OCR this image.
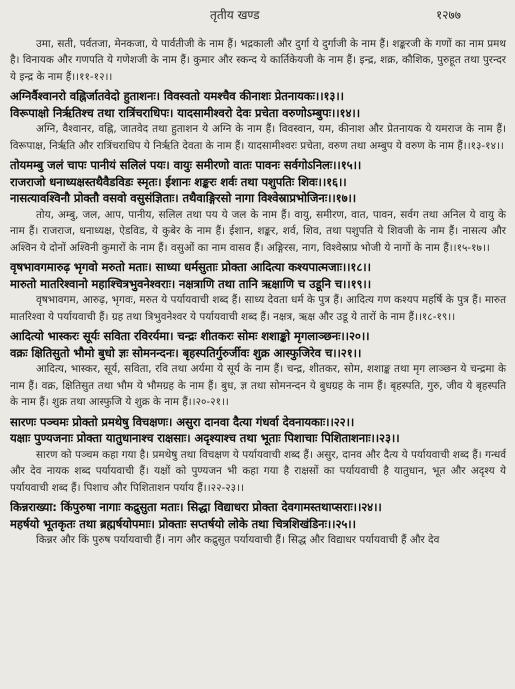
तृतीय खण्ड	१२७७

उमा, सती, पर्वतजा, मेनकजा, ये पार्वतीजी के नाम हैं। भद्रकाली और दुर्गा ये दुर्गाजी के नाम हैं। शङ्करजी के गणों का नाम प्रमथ है। विनायक और गणपति ये गणेशजी के नाम हैं। कुमार और स्कन्द ये कार्तिकेयजी के नाम हैं। इन्द्र, शक्र, कौशिक, पुरुहूत तथा पुरन्दर ये इन्द्र के नाम हैं।।११-१२।।

अग्निर्वैश्वानरो वह्निर्जातवेदो हुताशनः। विवस्वतो यमश्चैव कीनाशः प्रेतनायकः।।१३।।

विरूपाक्षो निर्ऋतिश्च तथा रात्रिंचराधिपः। यादसामीश्वरो देवः प्रचेता वरुणोऽम्बुपः।।१४।।

अग्नि, वैश्वानर, वह्नि, जातवेद तथा हुताशन ये अग्नि के नाम हैं। विवस्वान, यम, कीनाश और प्रेतनायक ये यमराज के नाम हैं। विरूपाक्ष, निर्ऋति और रात्रिंचराधिप ये निर्ऋति देवता के नाम हैं। यादसामीश्वरः प्रचेता, वरुण तथा अम्बुप ये वरुण के नाम हैं।।१३-१४।।

तोयमम्बु जलं चापः पानीयं सलिलं पयः। वायुः समीरणो वातः पावनः सर्वगोऽनिलः।।१५।।

राजराजो धनाध्यक्षस्तथैवैडविडः स्मृतः। ईशानः शङ्करः शर्वः तथा पशुपतिः शिवः।।१६।।

नासत्यावश्विनौ प्रोक्तौ वसवो वसुसंज्ञिताः। तथैवाङ्गिरसो नागा विश्वेस्राप्रभोजिनः।।१७।।

तोय, अम्बु, जल, आप, पानीय, सलिल तथा पय ये जल के नाम हैं। वायु, समीरण, वात, पावन, सर्वग तथा अनिल ये वायु के नाम हैं। राजराज, धनाध्यक्ष, ऐडविड, ये कुबेर के नाम हैं। ईशान, शङ्कर, शर्व, शिव, तथा पशुपति ये शिवजी के नाम हैं। नासत्य और अश्विन ये दोनों अश्विनी कुमारों के नाम हैं। वसुओं का नाम वासव हैं। अङ्गिरस, नाग, विश्वेस्राप्र भोजी ये नागों के नाम हैं।।१५-१७।।

वृषभावगमारुढ़ भृगवो मरुतो मताः। साध्या धर्मसुताः प्रोक्ता आदित्या कश्यपात्मजाः।।१८।।

मारुतो मातरिश्वानो महाश्चित्रभुवनेश्वराः। नक्षत्राणि तथा तानि ऋक्षाणि च उडूनि च।।१९।।

वृषभावगम, आरुढ़, भृगवः, मरुत ये पर्यायवाची शब्द हैं। साध्य देवता धर्म के पुत्र हैं। आदित्य गण कश्यप महर्षि के पुत्र हैं। मारुत मातरिश्वा ये पर्यायवाची हैं। ग्रह तथा त्रिभुवनेश्वर ये पर्यायवाची शब्द हैं। नक्षत्र, ऋक्ष और उडू ये तारों के नाम हैं।।१८-१९।।

आदित्यो भास्करः सूर्यः सविता रविरर्यमा। चन्द्रः शीतकरः सोमः शशाङ्को मृगलाञ्छनः।।२०।।

वक्रः क्षितिसुतो भौमो बुधो ज्ञः सोमनन्दनः। बृहस्पतिर्गुरुर्जीवः शुक्र आस्फुजिरेव च।।२१।।

आदित्य, भास्कर, सूर्य, सविता, रवि तथा अर्यमा ये सूर्य के नाम हैं। चन्द्र, शीतकर, सोम, शशाङ्क तथा मृग लाञ्छन ये चन्द्रमा के नाम हैं। वक्र, क्षितिसुत तथा भौम ये भौमग्रह के नाम हैं। बुध, ज्ञ तथा सोमनन्दन ये बुधग्रह के नाम हैं। बृहस्पति, गुरु, जीव ये बृहस्पति के नाम हैं। शुक्र तथा आस्फुजि ये शुक्र के नाम हैं।।२०-२१।।

सारणः पञ्चमः प्रोक्तो प्रमथेषु विचक्षणः। असुरा दानवा दैत्या गंधर्वा देवनायकाः।।२२।।

यक्षाः पुण्यजनाः प्रोक्ता यातुधानाश्च राक्षसाः। अदृश्याश्च तथा भूताः पिशाचाः पिशिताशनाः।।२३।।

सारण को पञ्चम कहा गया है। प्रमथेषु तथा विचक्षण ये पर्यायवाची शब्द हैं। असुर, दानव और दैत्य ये पर्यायवाची शब्द हैं। गन्धर्व और देव नायक शब्द पर्यायवाची हैं। यक्षों को पुण्यजन भी कहा गया है राक्षसों का पर्यायवाची है यातुधान, भूत और अदृश्य ये पर्यायवाची शब्द हैं। पिशाच और पिशिताशन पर्याय हैं।।२२-२३।।

किन्नराख्या: किंपुरुषा नागाः कद्रुसुता मताः। सिद्धा विद्याधरा प्रोक्ता देवगामस्तथाप्सराः।।२४।।

महर्षयो भूतकृतः तथा ब्रह्मर्षयोपमाः। प्रोक्ताः सप्तर्षयो लोके तथा चित्रशिखंडिनः।।२५।।

किन्नर और किं पुरुष पर्यायवाची हैं। नाग और कद्रुसुत पर्यायवाची हैं। सिद्ध और विद्याधर पर्यायवाची हैं और देव
